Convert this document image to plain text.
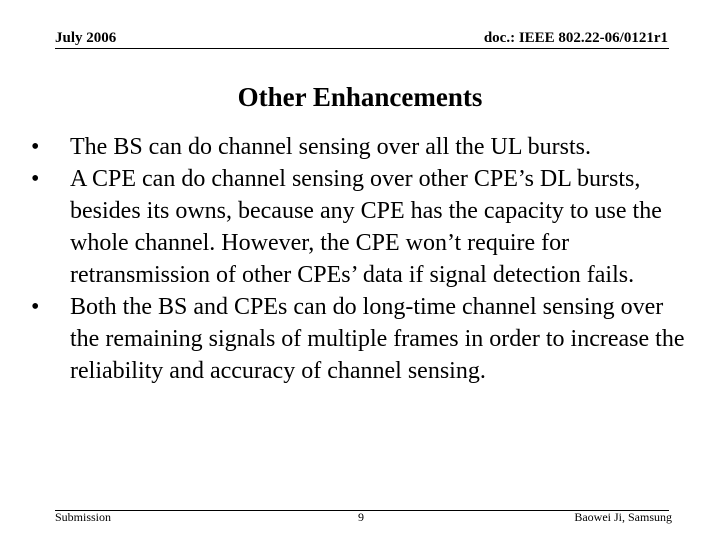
July 2006	doc.: IEEE 802.22-06/0121r1
Other Enhancements
• The BS can do channel sensing over all the UL bursts.
• A CPE can do channel sensing over other CPE’s DL bursts, besides its owns, because any CPE has the capacity to use the whole channel. However, the CPE won’t require for retransmission of other CPEs’ data if signal detection fails.
• Both the BS and CPEs can do long-time channel sensing over the remaining signals of multiple frames in order to increase the reliability and accuracy of channel sensing.
Submission	9	Baowei Ji, Samsung
